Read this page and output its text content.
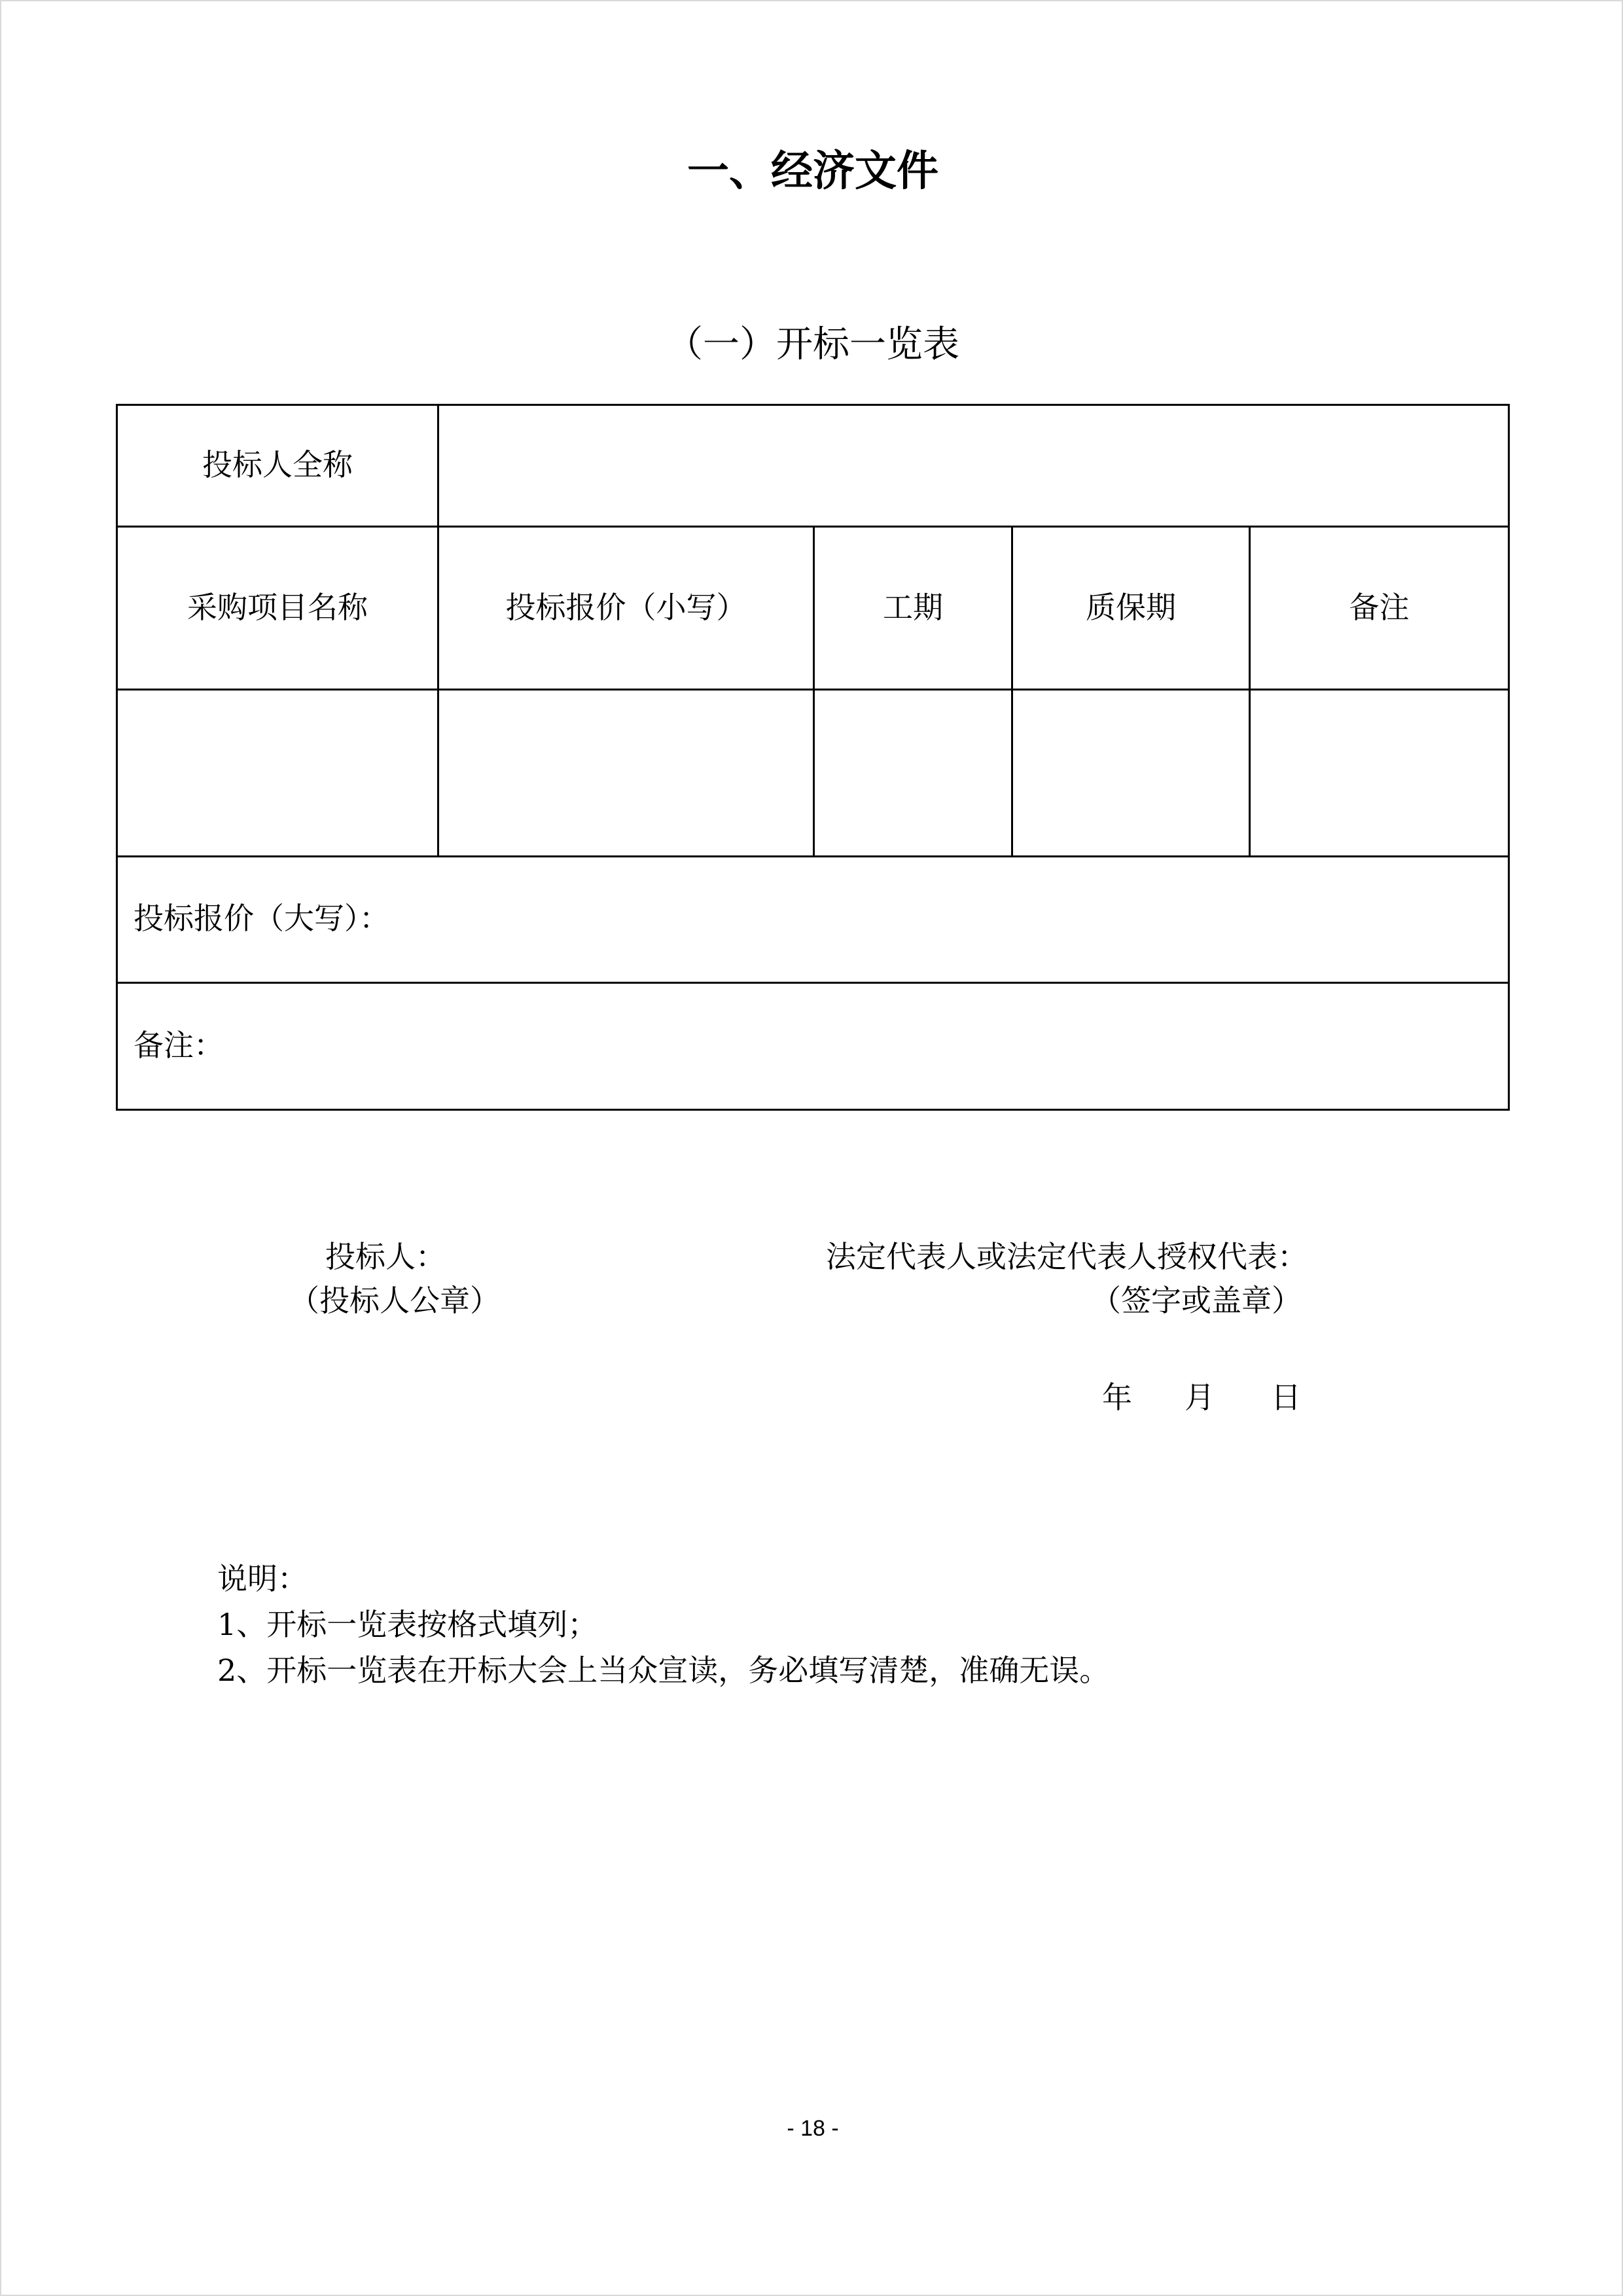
一、经济文件
（一）开标一览表
投标人全称
采购项目名称	投标报价（小写）	工期	质保期	备注
投标报价（大写）：
备注：
投标人：
（投标人公章）
法定代表人或法定代表人授权代表：
（签字或盖章）
年 月 日
说明：
1、开标一览表按格式填列；
2、开标一览表在开标大会上当众宣读，务必填写清楚，准确无误。
- 18 -
